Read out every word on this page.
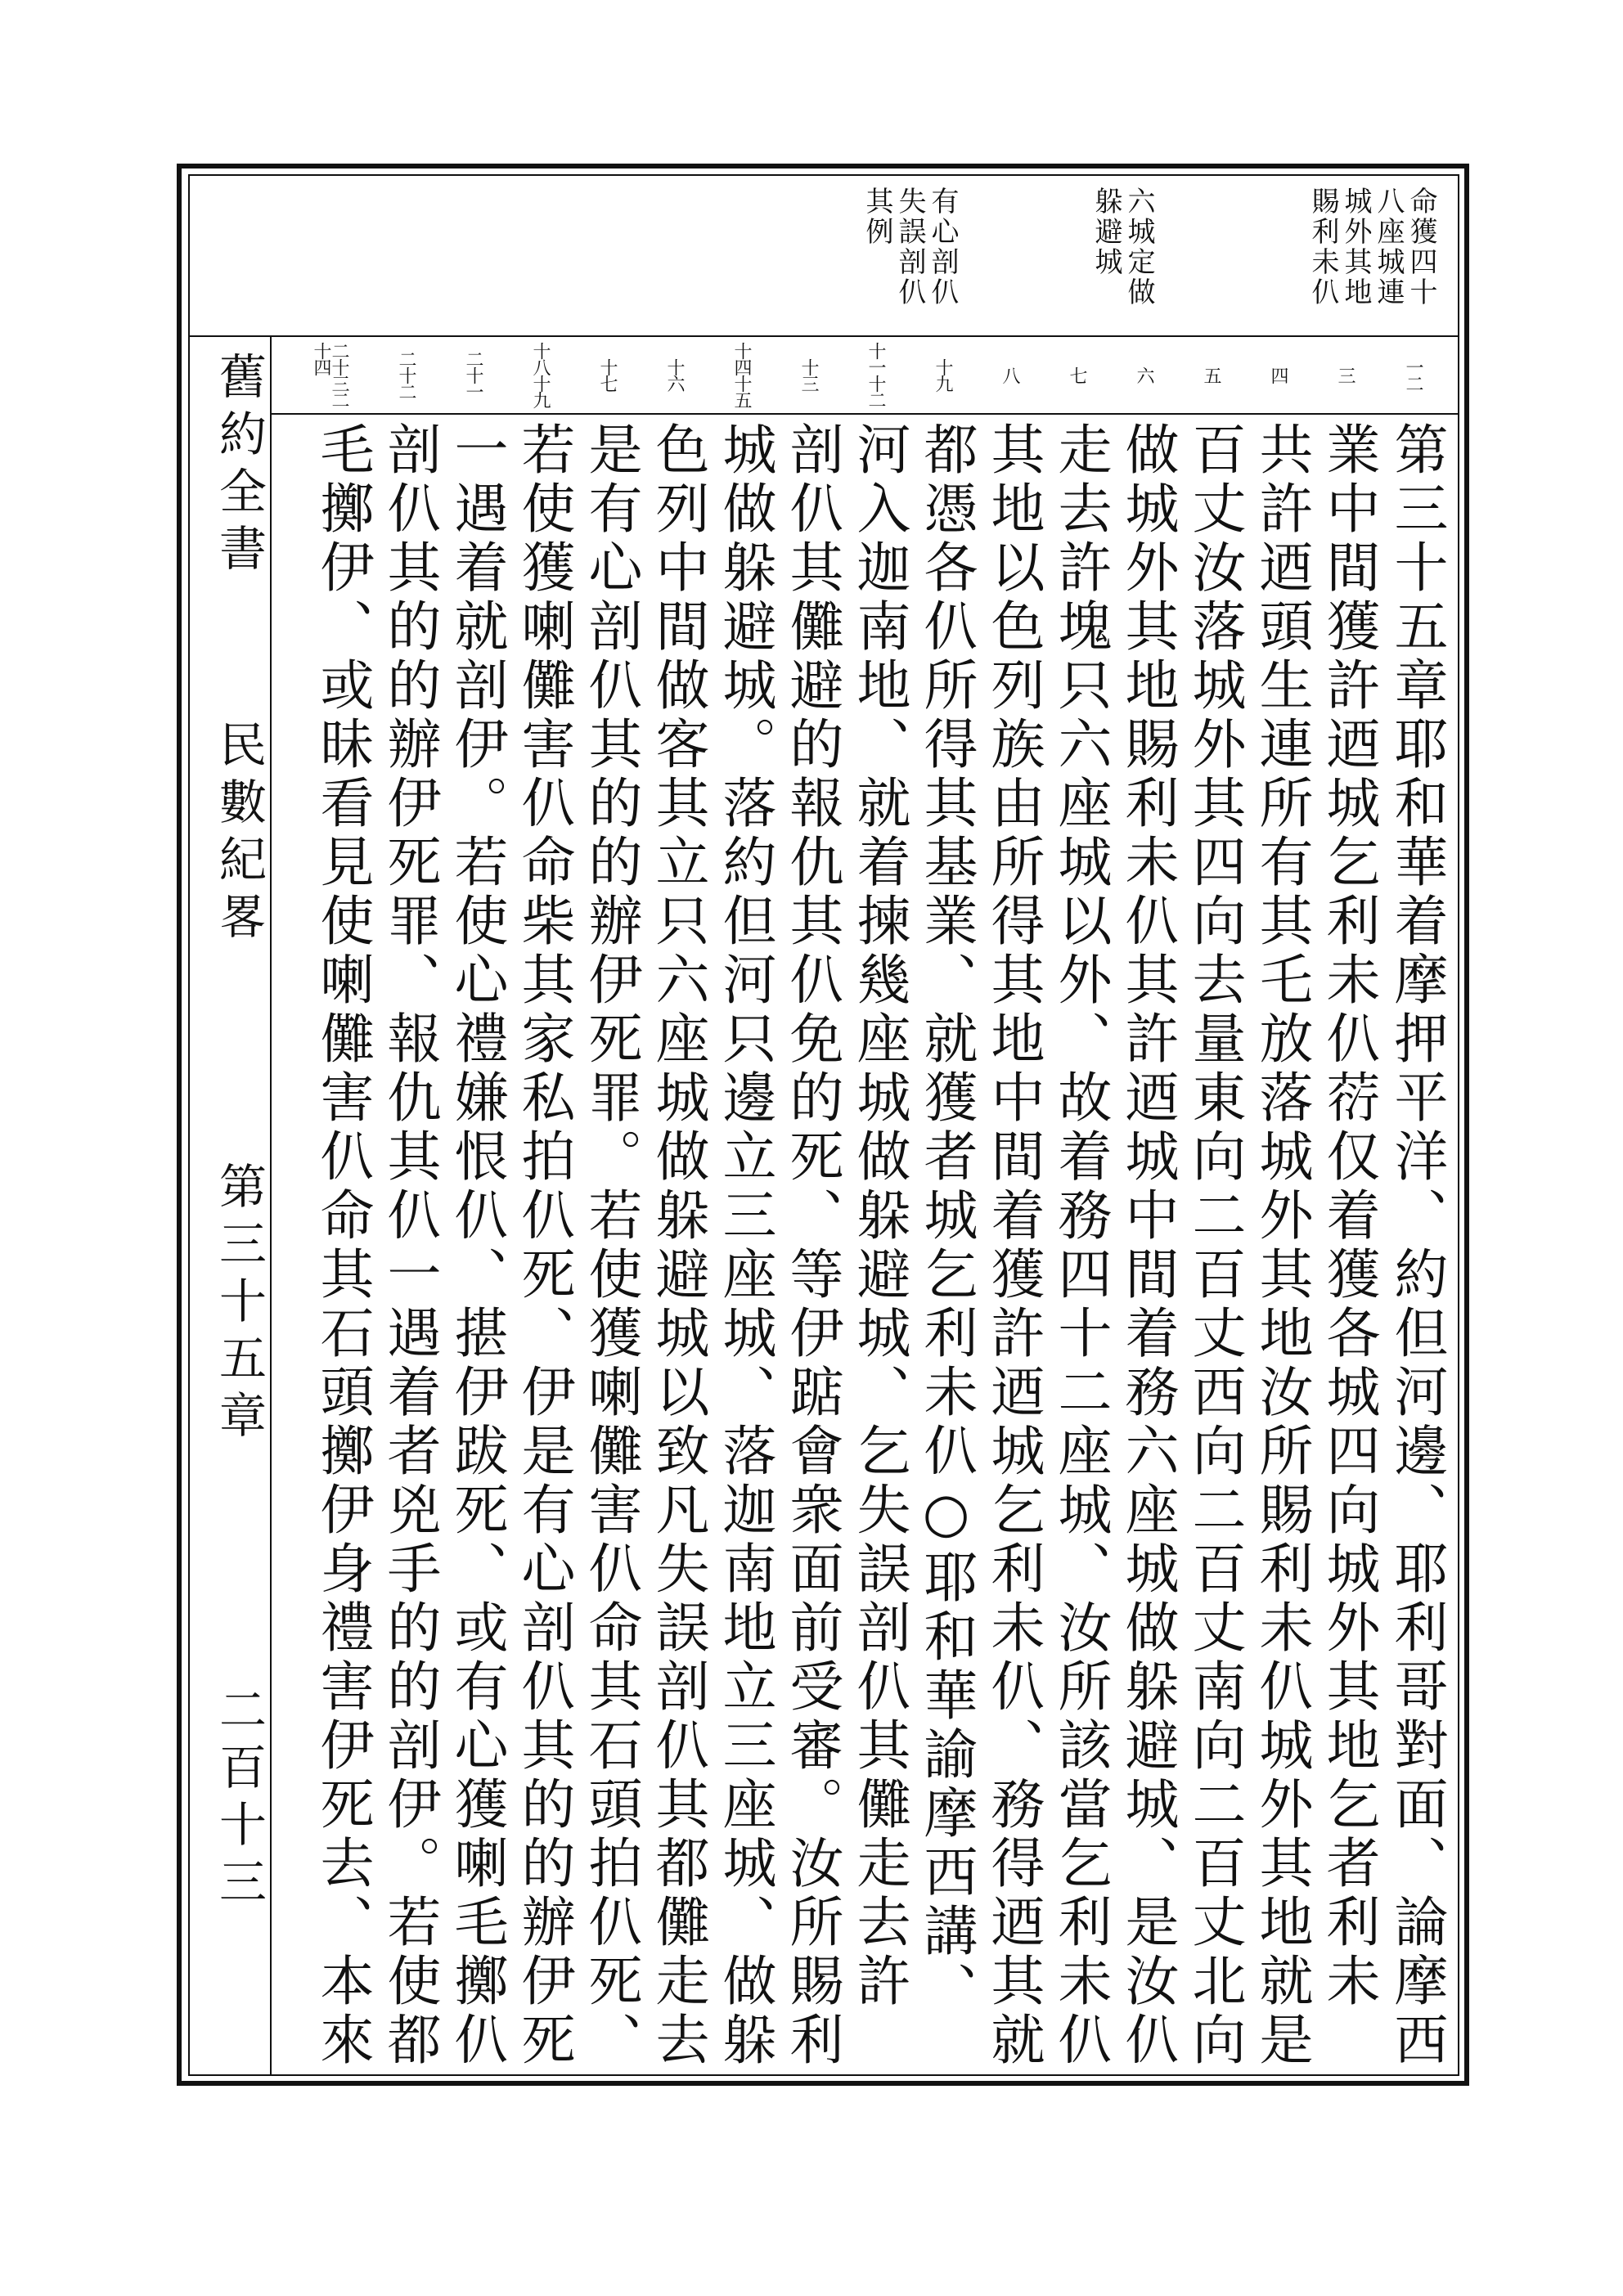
命獲四十
八座城連
城外其地
賜利未仈
六城定做
躲避城
有心剖仈
失誤剖仈
其例
一二
三
四
五
六
七
八
十九
十一十二
十三
十四十五
十六
十七
十八十九
二十一
二十二
二十三二十四
第三十五章耶和華着摩押平洋、約但河邊、耶利哥對面、論摩西
業中間獲許迺城乞利未仈葕仅着獲各城四向城外其地乞者利未
共許迺頭生連所有其乇放落城外其地汝所賜利未仈城外其地就是
百丈汝落城外其四向去量東向二百丈西向二百丈南向二百丈北向
做城外其地賜利未仈其許迺城中間着務六座城做躲避城、是汝仈
走去許塊只六座城以外、故着務四十二座城、汝所該當乞利未仈
其地以色列族由所得其地中間着獲許迺城乞利未仈、務得迺其就
都憑各仈所得其基業、就獲者城乞利未仈○耶和華諭摩西講、
河入迦南地、就着揀幾座城做躲避城、乞失誤剖仈其儺走去許
剖仈其儺避的報仇其仈免的死、等伊踮會衆面前受審。汝所賜利
城做躲避城。落約但河只邊立三座城、落迦南地立三座城、做躲
色列中間做客其立只六座城做躲避城以致凡失誤剖仈其都儺走去
是有心剖仈其的的辦伊死罪。若使獲喇儺害仈命其石頭拍仈死、
若使獲喇儺害仈命柴其家私拍仈死、伊是有心剖仈其的的辦伊死
一遇着就剖伊。若使心禮嫌恨仈、揕伊跋死、或有心獲喇毛擲仈
剖仈其的的辦伊死罪、報仇其仈一遇着者兇手的的剖伊。若使都
毛擲伊、或昧看見使喇儺害仈命其石頭擲伊身禮害伊死去、本來
舊約全書
民數紀畧
第三十五章
二百十三
